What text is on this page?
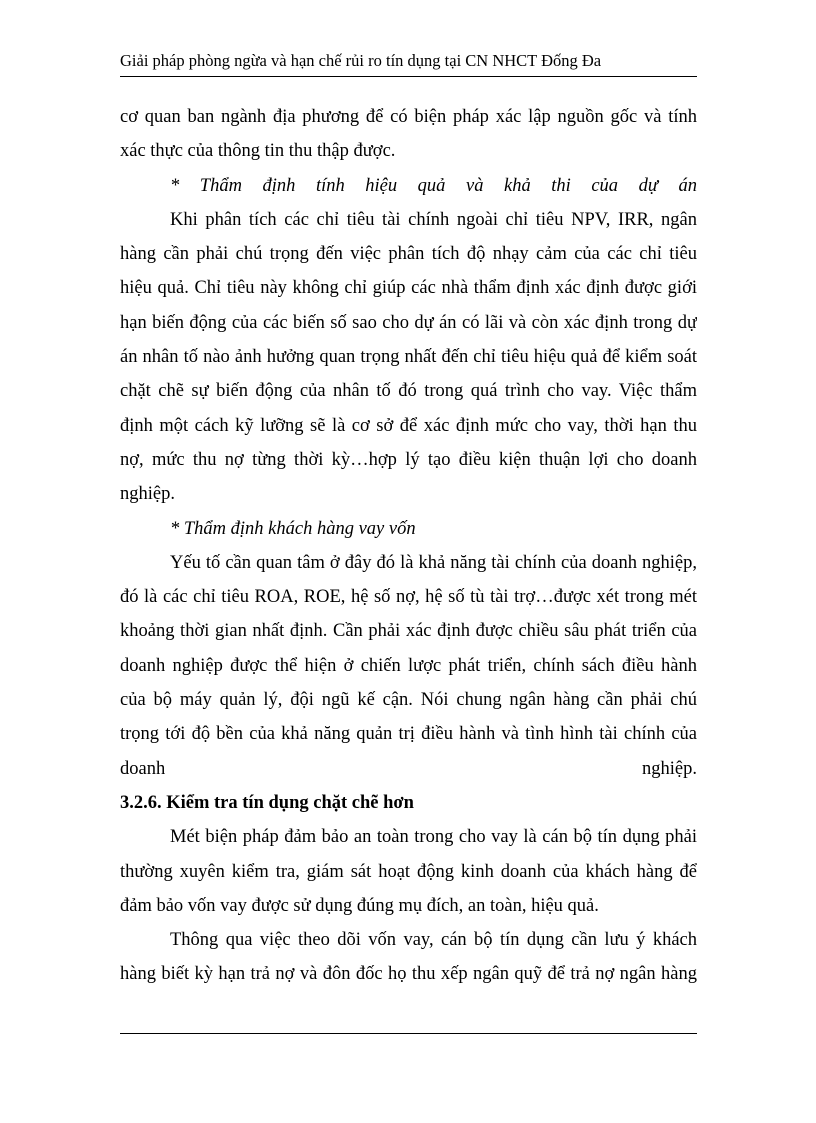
Giải pháp phòng ngừa và hạn chế rủi ro tín dụng tại CN NHCT Đống Đa
cơ quan ban ngành địa phương để có biện pháp xác lập nguồn gốc và tính
xác thực của thông tin thu thập được.
* Thẩm định tính hiệu quả và khả thi của dự án
Khi phân tích các chỉ tiêu tài chính ngoài chỉ tiêu NPV, IRR, ngân
hàng cần phải chú trọng đến việc phân tích độ nhạy cảm của các chỉ tiêu
hiệu quả. Chỉ tiêu này không chỉ giúp các nhà thẩm định xác định được giới
hạn biến động của các biến số sao cho dự án có lãi và còn xác định trong dự
án nhân tố nào ảnh hưởng quan trọng nhất đến chỉ tiêu hiệu quả để kiểm soát
chặt chẽ sự biến động của nhân tố đó trong quá trình cho vay. Việc thẩm
định một cách kỹ lưỡng sẽ là cơ sở để xác định mức cho vay, thời hạn thu
nợ, mức thu nợ từng thời kỳ…hợp lý tạo điều kiện thuận lợi cho doanh
nghiệp.
* Thẩm định khách hàng vay vốn
Yếu tố cần quan tâm ở đây đó là khả năng tài chính của doanh nghiệp,
đó là các chỉ tiêu ROA, ROE, hệ số nợ, hệ số tù tài trợ…được xét trong mét
khoảng thời gian nhất định. Cần phải xác định được chiều sâu phát triển của
doanh nghiệp được thể hiện ở chiến lược phát triển, chính sách điều hành
của bộ máy quản lý, đội ngũ kế cận. Nói chung ngân hàng cần phải chú
trọng tới độ bền của khả năng quản trị điều hành và tình hình tài chính của
doanh nghiệp.
3.2.6. Kiểm tra tín dụng chặt chẽ hơn
Mét biện pháp đảm bảo an toàn trong cho vay là cán bộ tín dụng phải
thường xuyên kiểm tra, giám sát hoạt động kinh doanh của khách hàng để
đảm bảo vốn vay được sử dụng đúng mụ đích, an toàn, hiệu quả.
Thông qua việc theo dõi vốn vay, cán bộ tín dụng cần lưu ý khách
hàng biết kỳ hạn trả nợ và đôn đốc họ thu xếp ngân quỹ để trả nợ ngân hàng
